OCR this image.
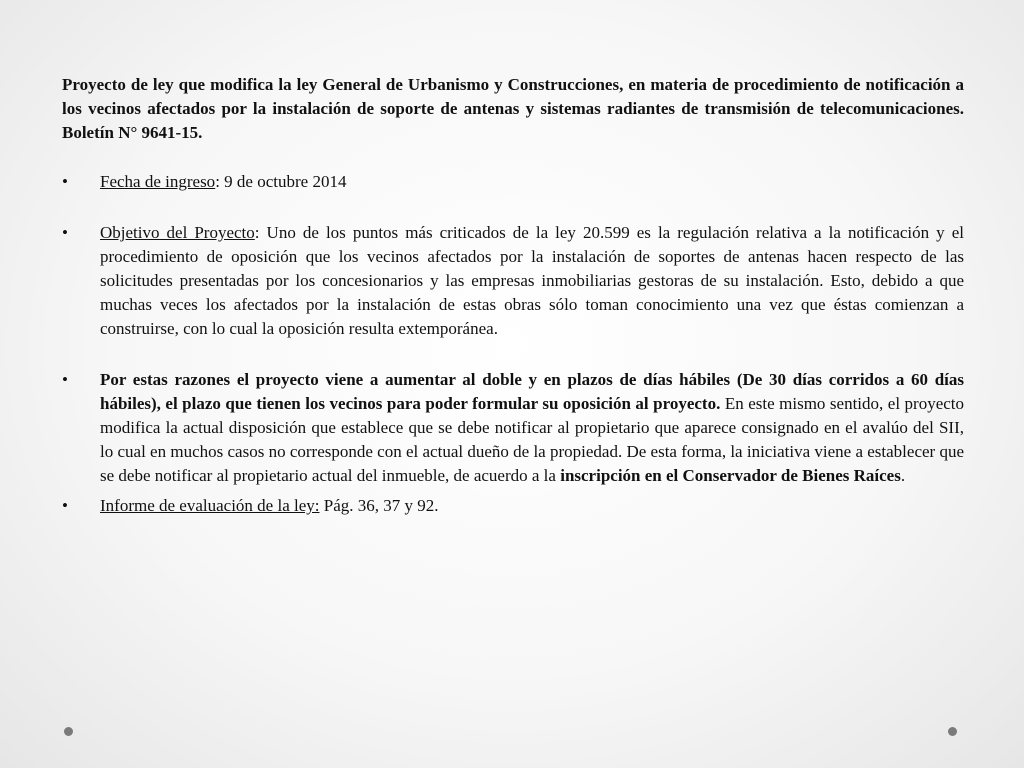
Proyecto de ley que modifica la ley General de Urbanismo y Construcciones, en materia de procedimiento de notificación a los vecinos afectados por la instalación de soporte de antenas y sistemas radiantes de transmisión de telecomunicaciones. Boletín N° 9641-15.

• Fecha de ingreso: 9 de octubre 2014
• Objetivo del Proyecto: Uno de los puntos más criticados de la ley 20.599 es la regulación relativa a la notificación y el procedimiento de oposición que los vecinos afectados por la instalación de soportes de antenas hacen respecto de las solicitudes presentadas por los concesionarios y las empresas inmobiliarias gestoras de su instalación. Esto, debido a que muchas veces los afectados por la instalación de estas obras sólo toman conocimiento una vez que éstas comienzan a construirse, con lo cual la oposición resulta extemporánea.
• Por estas razones el proyecto viene a aumentar al doble y en plazos de días hábiles (De 30 días corridos a 60 días hábiles), el plazo que tienen los vecinos para poder formular su oposición al proyecto. En este mismo sentido, el proyecto modifica la actual disposición que establece que se debe notificar al propietario que aparece consignado en el avalúo del SII, lo cual en muchos casos no corresponde con el actual dueño de la propiedad. De esta forma, la iniciativa viene a establecer que se debe notificar al propietario actual del inmueble, de acuerdo a la inscripción en el Conservador de Bienes Raíces.
• Informe de evaluación de la ley: Pág. 36, 37 y 92.
